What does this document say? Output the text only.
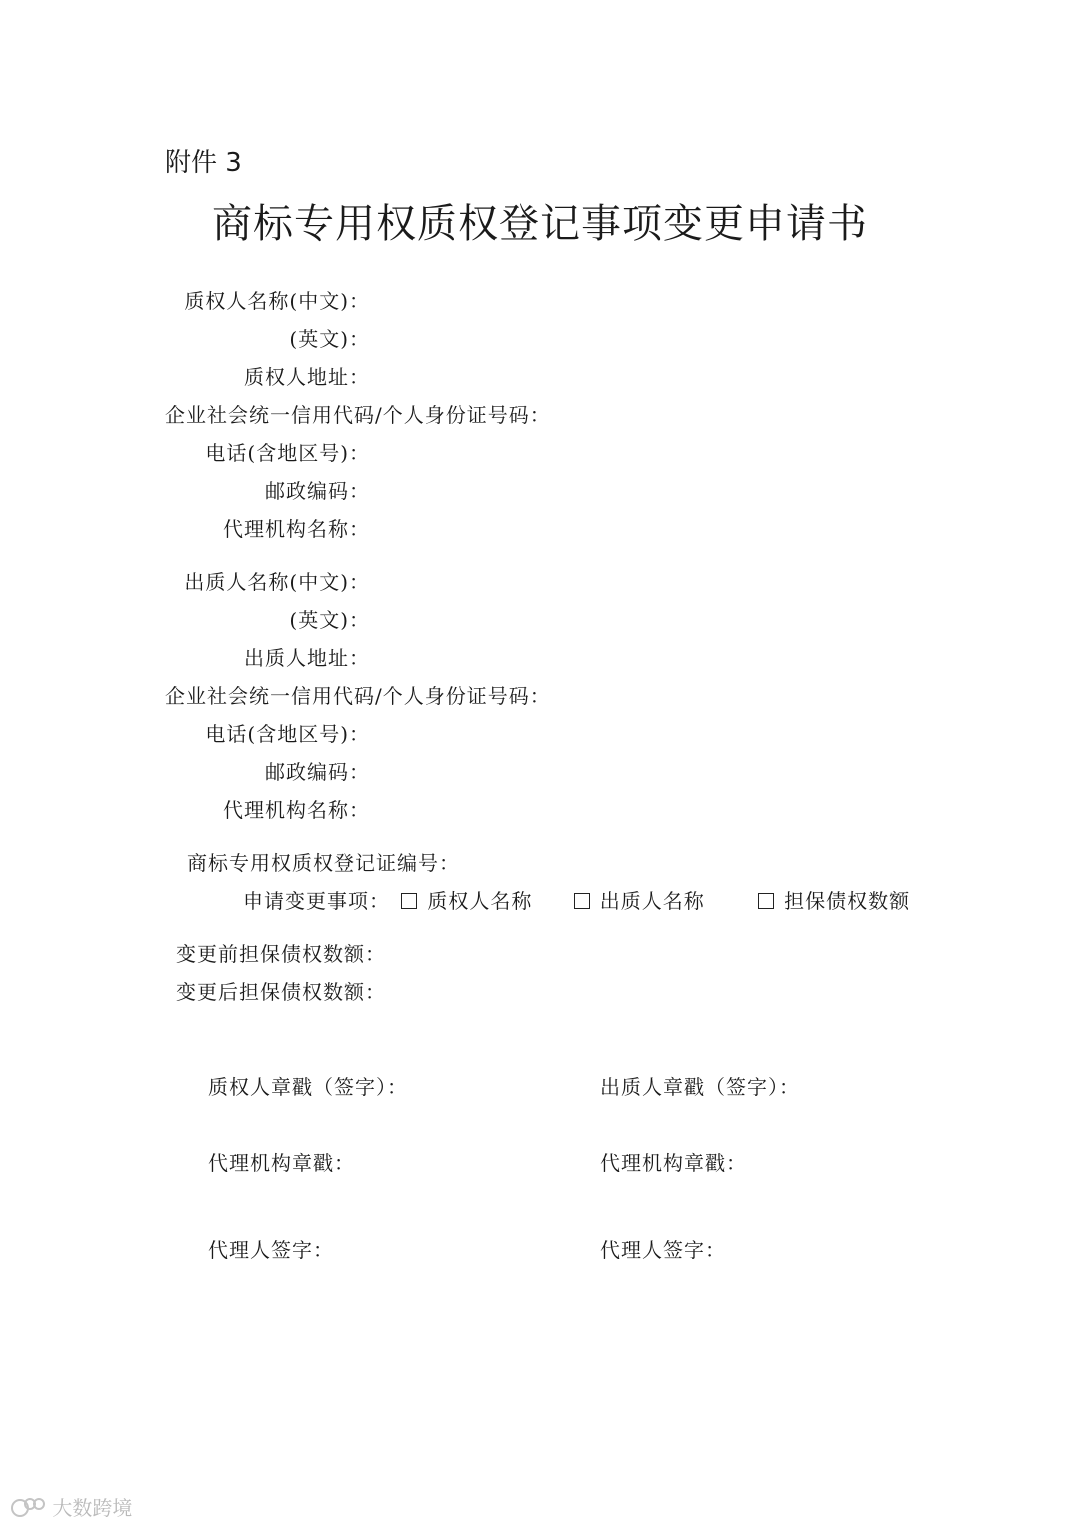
附件 3
商标专用权质权登记事项变更申请书
质权人名称(中文)：
(英文)：
质权人地址：
企业社会统一信用代码/个人身份证号码：
电话(含地区号)：
邮政编码：
代理机构名称：
出质人名称(中文)：
(英文)：
出质人地址：
企业社会统一信用代码/个人身份证号码：
电话(含地区号)：
邮政编码：
代理机构名称：
商标专用权质权登记证编号：
申请变更事项： 质权人名称	出质人名称	担保债权数额
变更前担保债权数额：
变更后担保债权数额：
质权人章戳（签字）：	出质人章戳（签字）：
代理机构章戳：	代理机构章戳：
代理人签字：	代理人签字：
大数跨境
